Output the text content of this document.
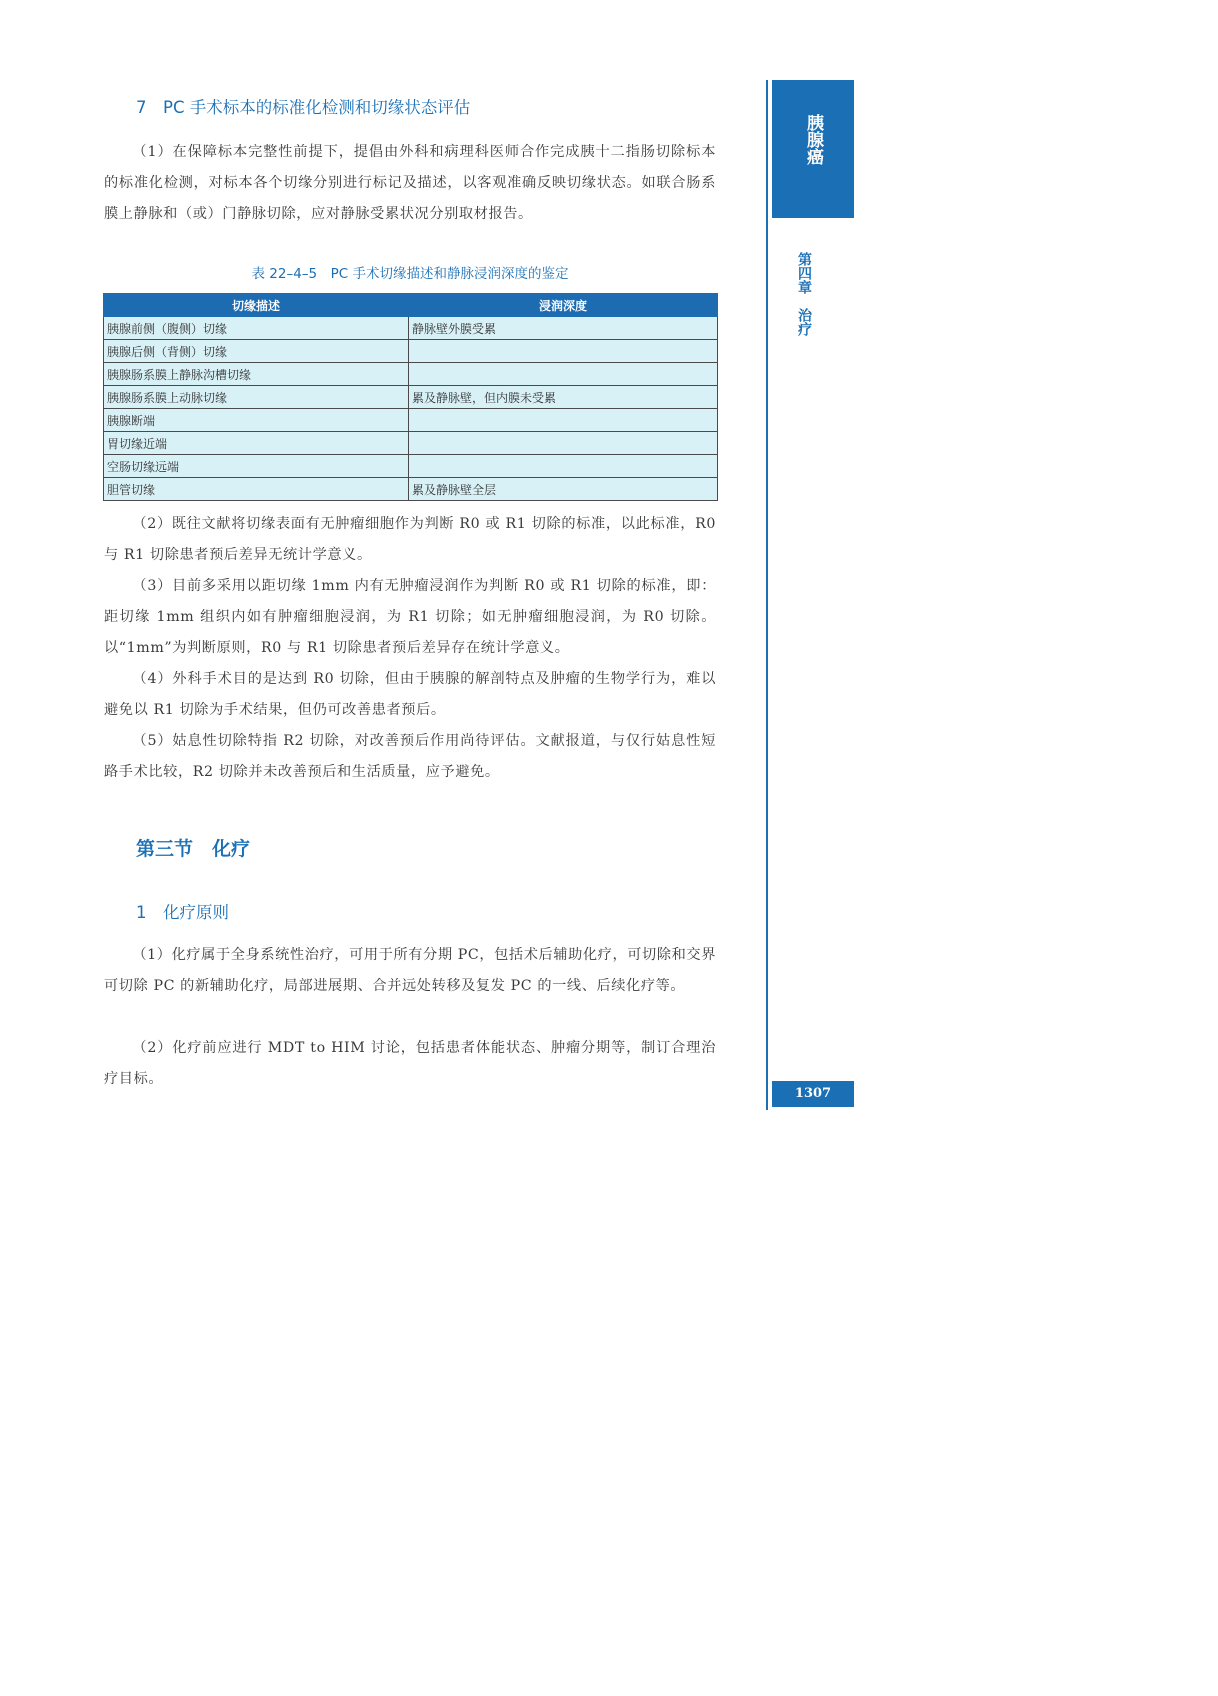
7　PC 手术标本的标准化检测和切缘状态评估

（1）在保障标本完整性前提下，提倡由外科和病理科医师合作完成胰十二指肠切除标本的标准化检测，对标本各个切缘分别进行标记及描述，以客观准确反映切缘状态。如联合肠系膜上静脉和（或）门静脉切除，应对静脉受累状况分别取材报告。

表 22–4–5　PC 手术切缘描述和静脉浸润深度的鉴定
切缘描述	浸润深度
胰腺前侧（腹侧）切缘	静脉壁外膜受累
胰腺后侧（背侧）切缘	
胰腺肠系膜上静脉沟槽切缘	
胰腺肠系膜上动脉切缘	累及静脉壁，但内膜未受累
胰腺断端	
胃切缘近端	
空肠切缘远端	
胆管切缘	累及静脉壁全层

（2）既往文献将切缘表面有无肿瘤细胞作为判断 R0 或 R1 切除的标准，以此标准，R0 与 R1 切除患者预后差异无统计学意义。

（3）目前多采用以距切缘 1mm 内有无肿瘤浸润作为判断 R0 或 R1 切除的标准，即：距切缘 1mm 组织内如有肿瘤细胞浸润，为 R1 切除；如无肿瘤细胞浸润，为 R0 切除。以“1mm”为判断原则，R0 与 R1 切除患者预后差异存在统计学意义。

（4）外科手术目的是达到 R0 切除，但由于胰腺的解剖特点及肿瘤的生物学行为，难以避免以 R1 切除为手术结果，但仍可改善患者预后。

（5）姑息性切除特指 R2 切除，对改善预后作用尚待评估。文献报道，与仅行姑息性短路手术比较，R2 切除并未改善预后和生活质量，应予避免。

第三节　化疗
1　化疗原则

（1）化疗属于全身系统性治疗，可用于所有分期 PC，包括术后辅助化疗，可切除和交界可切除 PC 的新辅助化疗，局部进展期、合并远处转移及复发 PC 的一线、后续化疗等。

（2）化疗前应进行 MDT to HIM 讨论，包括患者体能状态、肿瘤分期等，制订合理治疗目标。

胰腺癌
第四章治疗
1307
